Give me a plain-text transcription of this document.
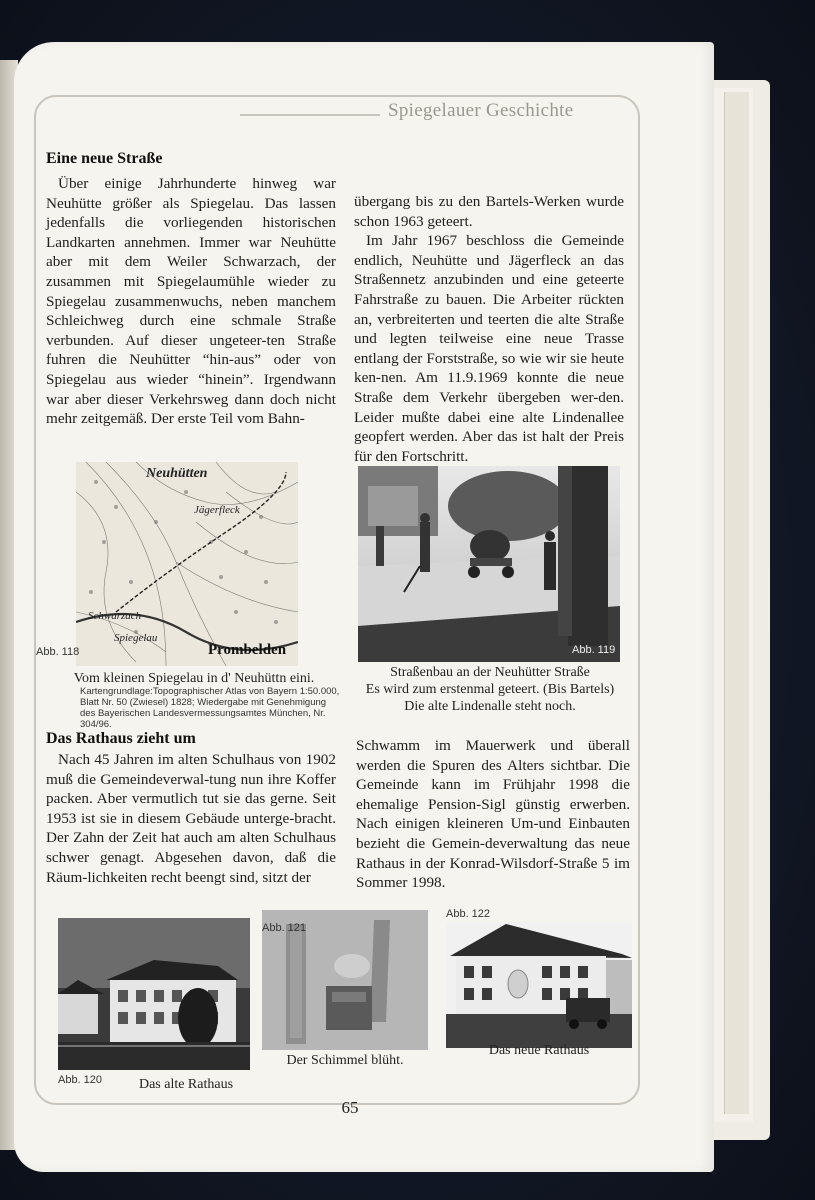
Spiegelauer Geschichte
Eine neue Straße

Über einige Jahrhunderte hinweg war Neuhütte größer als Spiegelau. Das lassen jedenfalls die vorliegenden historischen Landkarten annehmen. Immer war Neuhütte aber mit dem Weiler Schwarzach, der zusammen mit Spiegelaumühle wieder zu Spiegelau zusammenwuchs, neben manchem Schleichweg durch eine schmale Straße verbunden. Auf dieser ungeteer-ten Straße fuhren die Neuhütter “hin-aus” oder von Spiegelau aus wieder “hinein”. Irgendwann war aber dieser Verkehrsweg dann doch nicht mehr zeitgemäß. Der erste Teil vom Bahn-

übergang bis zu den Bartels-Werken wurde schon 1963 geteert.

Im Jahr 1967 beschloss die Gemeinde endlich, Neuhütte und Jägerfleck an das Straßennetz anzubinden und eine geteerte Fahrstraße zu bauen. Die Arbeiter rückten an, verbreiterten und teerten die alte Straße und legten teilweise eine neue Trasse entlang der Forststraße, so wie wir sie heute ken-nen. Am 11.9.1969 konnte die neue Straße dem Verkehr übergeben wer-den. Leider mußte dabei eine alte Lindenallee geopfert werden. Aber das ist halt der Preis für den Fortschritt.

Neuhütten
Jägerfleck
Schwarzach
Spiegelau
Prombelden
Abb. 118
Vom kleinen Spiegelau in d' Neuhüttn eini.
Kartengrundlage:Topographischer Atlas von Bayern 1:50.000, Blatt Nr. 50 (Zwiesel) 1828; Wiedergabe mit Genehmigung des Bayerischen Landesvermessungsamtes München, Nr. 304/96.
Abb. 119
Straßenbau an der Neuhütter Straße
Es wird zum erstenmal geteert. (Bis Bartels)
Die alte Lindenalle steht noch.
Das Rathaus zieht um

Nach 45 Jahren im alten Schulhaus von 1902 muß die Gemeindeverwal-tung nun ihre Koffer packen. Aber vermutlich tut sie das gerne. Seit 1953 ist sie in diesem Gebäude unterge-bracht. Der Zahn der Zeit hat auch am alten Schulhaus schwer genagt. Abgesehen davon, daß die Räum-lichkeiten recht beengt sind, sitzt der

Schwamm im Mauerwerk und überall werden die Spuren des Alters sichtbar. Die Gemeinde kann im Frühjahr 1998 die ehemalige Pension-Sigl günstig erwerben. Nach einigen kleineren Um-und Einbauten bezieht die Gemein-deverwaltung das neue Rathaus in der Konrad-Wilsdorf-Straße 5 im Sommer 1998.

Abb. 120	Das alte Rathaus
Abb. 121
Der Schimmel blüht.
Abb. 122
Das neue Rathaus
65
